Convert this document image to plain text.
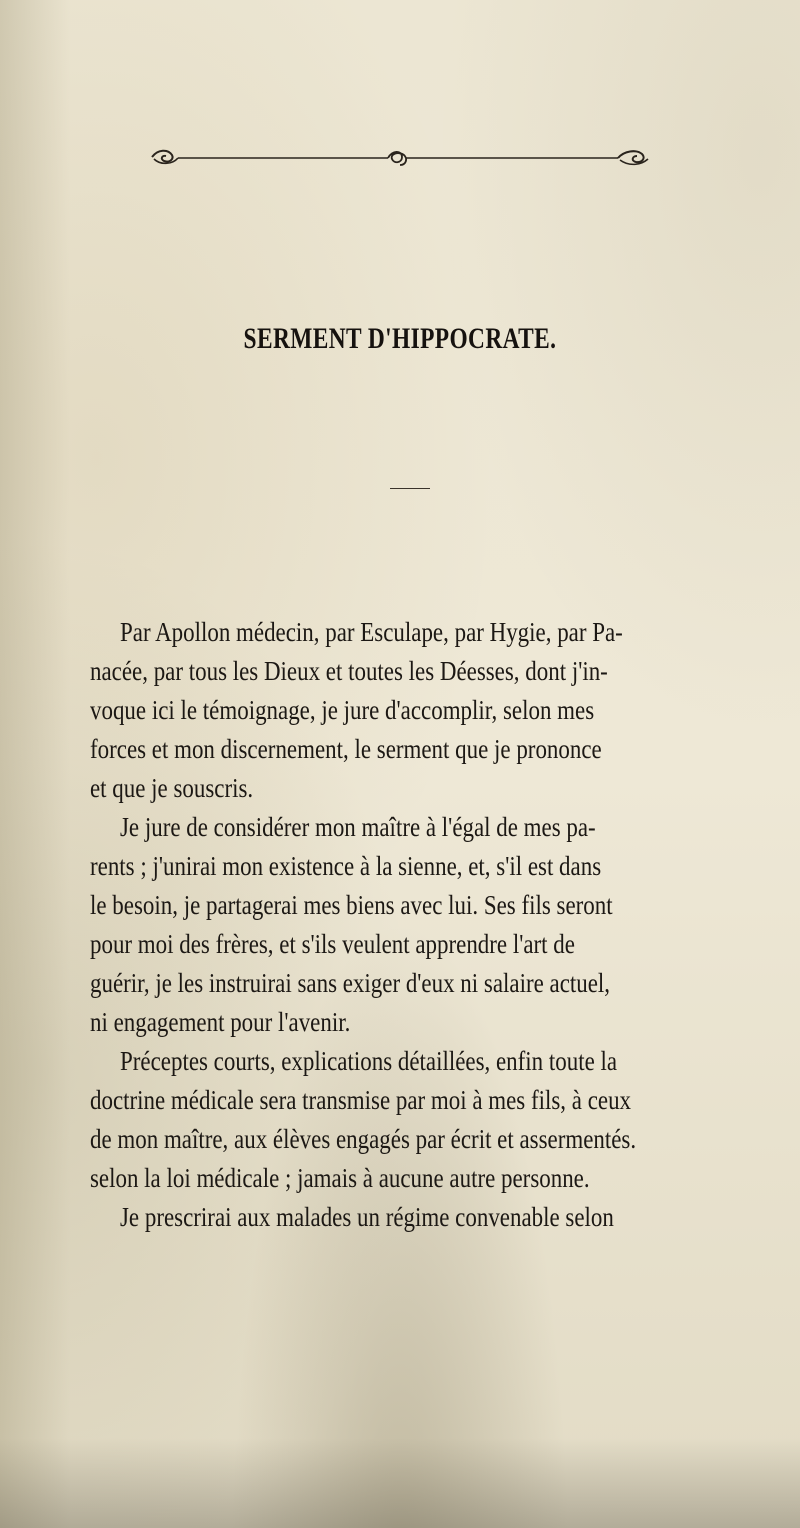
SERMENT D'HIPPOCRATE.
Par Apollon médecin, par Esculape, par Hygie, par Pa-
nacée, par tous les Dieux et toutes les Déesses, dont j'in-
voque ici le témoignage, je jure d'accomplir, selon mes
forces et mon discernement, le serment que je prononce
et que je souscris.
Je jure de considérer mon maître à l'égal de mes pa-
rents ; j'unirai mon existence à la sienne, et, s'il est dans
le besoin, je partagerai mes biens avec lui. Ses fils seront
pour moi des frères, et s'ils veulent apprendre l'art de
guérir, je les instruirai sans exiger d'eux ni salaire actuel,
ni engagement pour l'avenir.
Préceptes courts, explications détaillées, enfin toute la
doctrine médicale sera transmise par moi à mes fils, à ceux
de mon maître, aux élèves engagés par écrit et assermentés.
selon la loi médicale ; jamais à aucune autre personne.
Je prescrirai aux malades un régime convenable selon
